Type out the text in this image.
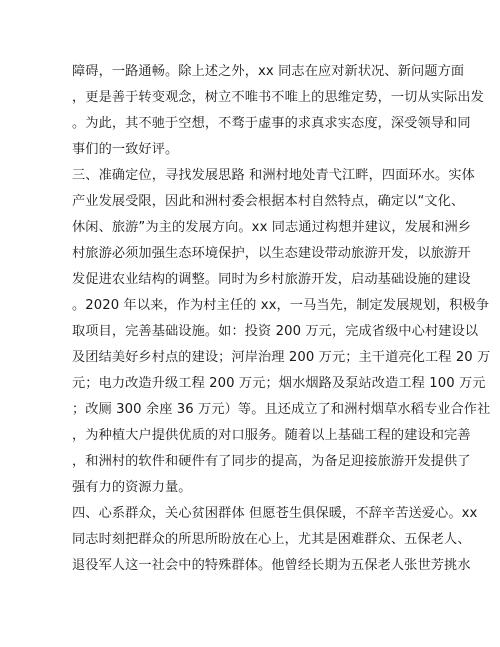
障碍，一路通畅。除上述之外，xx 同志在应对新状况、新问题方面
，更是善于转变观念，树立不唯书不唯上的思维定势，一切从实际出发
。为此，其不驰于空想，不骛于虚事的求真求实态度，深受领导和同
事们的一致好评。
三、准确定位，寻找发展思路 和洲村地处青弋江畔，四面环水。实体
产业发展受限，因此和洲村委会根据本村自然特点，确定以“文化、
休闲、旅游”为主的发展方向。xx 同志通过构想并建议，发展和洲乡
村旅游必须加强生态环境保护，以生态建设带动旅游开发，以旅游开
发促进农业结构的调整。同时为乡村旅游开发，启动基础设施的建设
。2020 年以来，作为村主任的 xx，一马当先，制定发展规划，积极争
取项目，完善基础设施。如：投资 200 万元，完成省级中心村建设以
及团结美好乡村点的建设；河岸治理 200 万元；主干道亮化工程 20 万
元；电力改造升级工程 200 万元；烟水烟路及泵站改造工程 100 万元
；改厕 300 余座 36 万元）等。且还成立了和洲村烟草水稻专业合作社
，为种植大户提供优质的对口服务。随着以上基础工程的建设和完善
，和洲村的软件和硬件有了同步的提高，为备足迎接旅游开发提供了
强有力的资源力量。
四、心系群众，关心贫困群体 但愿苍生俱保暖，不辞辛苦送爱心。xx
同志时刻把群众的所思所盼放在心上，尤其是困难群众、五保老人、
退役军人这一社会中的特殊群体。他曾经长期为五保老人张世芳挑水
